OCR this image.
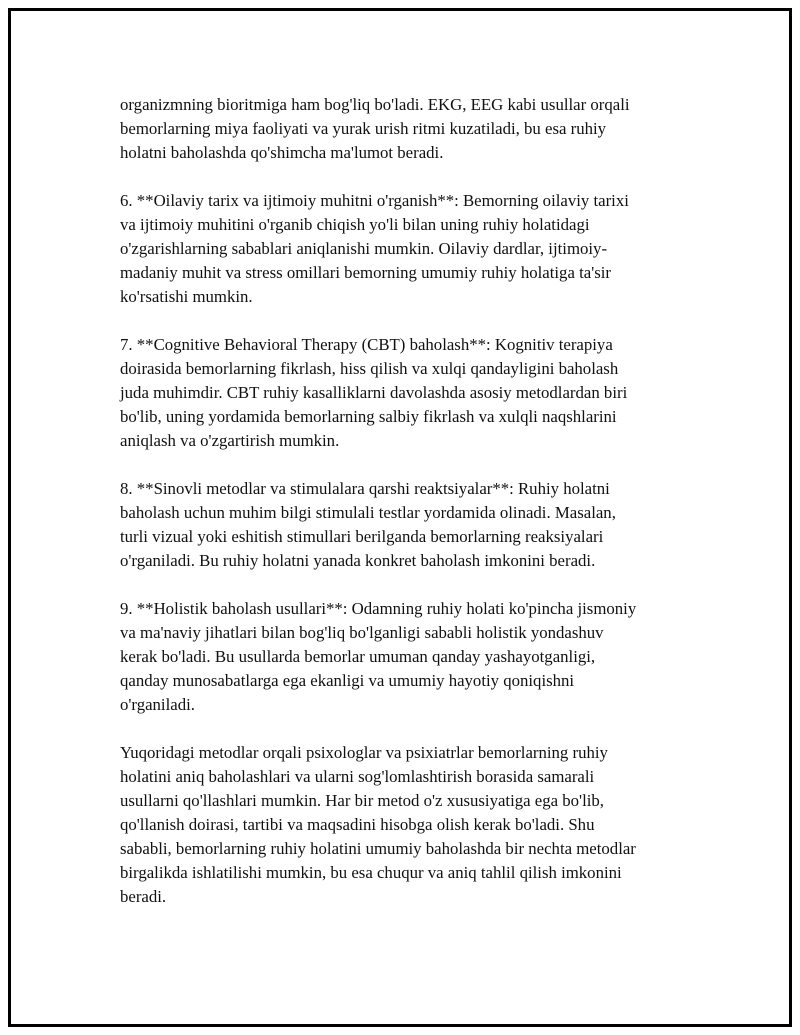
organizmning bioritmiga ham bog'liq bo'ladi. EKG, EEG kabi usullar orqali
bemorlarning miya faoliyati va yurak urish ritmi kuzatiladi, bu esa ruhiy
holatni baholashda qo'shimcha ma'lumot beradi.

6. **Oilaviy tarix va ijtimoiy muhitni o'rganish**: Bemorning oilaviy tarixi
va ijtimoiy muhitini o'rganib chiqish yo'li bilan uning ruhiy holatidagi
o'zgarishlarning sabablari aniqlanishi mumkin. Oilaviy dardlar, ijtimoiy-
madaniy muhit va stress omillari bemorning umumiy ruhiy holatiga ta'sir
ko'rsatishi mumkin.

7. **Cognitive Behavioral Therapy (CBT) baholash**: Kognitiv terapiya
doirasida bemorlarning fikrlash, hiss qilish va xulqi qandayligini baholash
juda muhimdir. CBT ruhiy kasalliklarni davolashda asosiy metodlardan biri
bo'lib, uning yordamida bemorlarning salbiy fikrlash va xulqli naqshlarini
aniqlash va o'zgartirish mumkin.

8. **Sinovli metodlar va stimulalara qarshi reaktsiyalar**: Ruhiy holatni
baholash uchun muhim bilgi stimulali testlar yordamida olinadi. Masalan,
turli vizual yoki eshitish stimullari berilganda bemorlarning reaksiyalari
o'rganiladi. Bu ruhiy holatni yanada konkret baholash imkonini beradi.

9. **Holistik baholash usullari**: Odamning ruhiy holati ko'pincha jismoniy
va ma'naviy jihatlari bilan bog'liq bo'lganligi sababli holistik yondashuv
kerak bo'ladi. Bu usullarda bemorlar umuman qanday yashayotganligi,
qanday munosabatlarga ega ekanligi va umumiy hayotiy qoniqishni
o'rganiladi.

Yuqoridagi metodlar orqali psixologlar va psixiatrlar bemorlarning ruhiy
holatini aniq baholashlari va ularni sog'lomlashtirish borasida samarali
usullarni qo'llashlari mumkin. Har bir metod o'z xususiyatiga ega bo'lib,
qo'llanish doirasi, tartibi va maqsadini hisobga olish kerak bo'ladi. Shu
sababli, bemorlarning ruhiy holatini umumiy baholashda bir nechta metodlar
birgalikda ishlatilishi mumkin, bu esa chuqur va aniq tahlil qilish imkonini
beradi.
